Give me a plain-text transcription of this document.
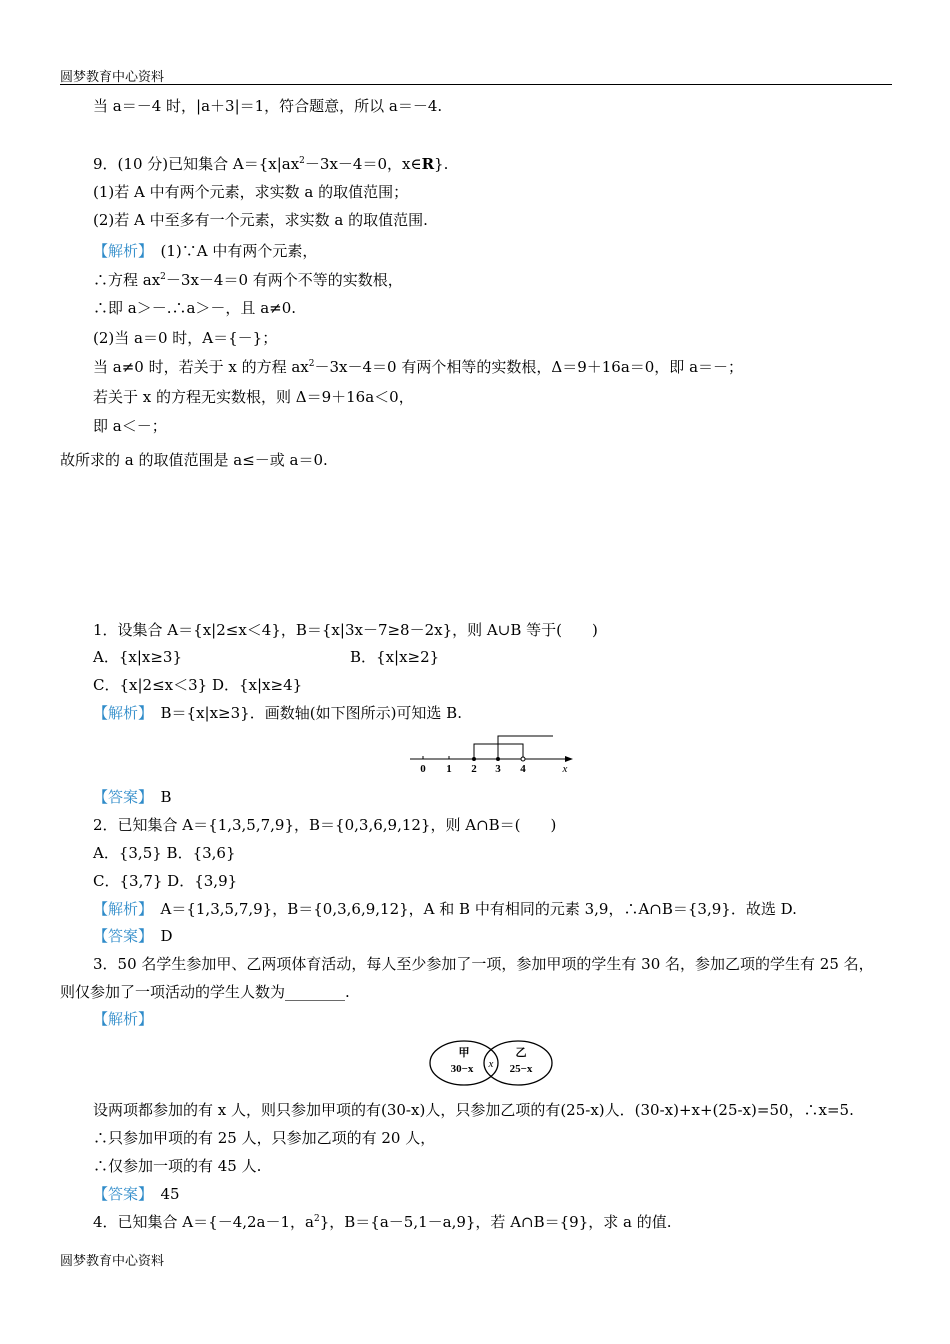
圆梦教育中心资料
当 a＝－4 时，|a＋3|＝1，符合题意，所以 a＝－4.
9．(10 分)已知集合 $A=\{x|ax^2-3x-4=0$，x∈R}.
(1)若 A 中有两个元素，求实数 a 的取值范围；
(2)若 A 中至多有一个元素，求实数 a 的取值范围.
【解析】　(1)∵A 中有两个元素，
∴方程 $ax^2-3x-4=0$ 有两个不等的实数根，
∴即 a＞－.∴a＞－，且 a≠0.
(2)当 a＝0 时，A＝{－}；
当 a≠0 时，若关于 x 的方程 $ax^2-3x-4=0$ 有两个相等的实数根，Δ＝9＋16a＝0，即 a＝－；
若关于 x 的方程无实数根，则 Δ＝9＋16a＜0，
即 a＜－；
故所求的 a 的取值范围是 a≤－或 a＝0.
1．设集合 A＝{x|2≤x＜4}，B＝{x|3x－7≥8－2x}，则 A∪B 等于(　　)
A．{x|x≥3}	B．{x|x≥2}
C．{x|2≤x＜3} D．{x|x≥4}
【解析】　B＝{x|x≥3}．画数轴(如下图所示)可知选 B.
0 1 2 3 4	x
【答案】　B
2．已知集合 A＝{1,3,5,7,9}，B＝{0,3,6,9,12}，则 A∩B＝(　　)
A．{3,5} B．{3,6}
C．{3,7} D．{3,9}
【解析】　A＝{1,3,5,7,9}，B＝{0,3,6,9,12}，A 和 B 中有相同的元素 3,9，∴A∩B＝{3,9}．故选 D.
【答案】　D
3．50 名学生参加甲、乙两项体育活动，每人至少参加了一项，参加甲项的学生有 30 名，参加乙项的学生有 25 名，
则仅参加了一项活动的学生人数为________.
【解析】
甲
30−x x
乙
25−x
设两项都参加的有 x 人，则只参加甲项的有(30-x)人，只参加乙项的有(25-x)人．(30-x)+x+(25-x)=50，∴x=5.
∴只参加甲项的有 25 人，只参加乙项的有 20 人，
∴仅参加一项的有 45 人.
【答案】　45
4．已知集合 A＝{－4,2a－1，$a^2$}，B＝{a－5,1－a,9}，若 A∩B＝{9}，求 a 的值.
圆梦教育中心资料
